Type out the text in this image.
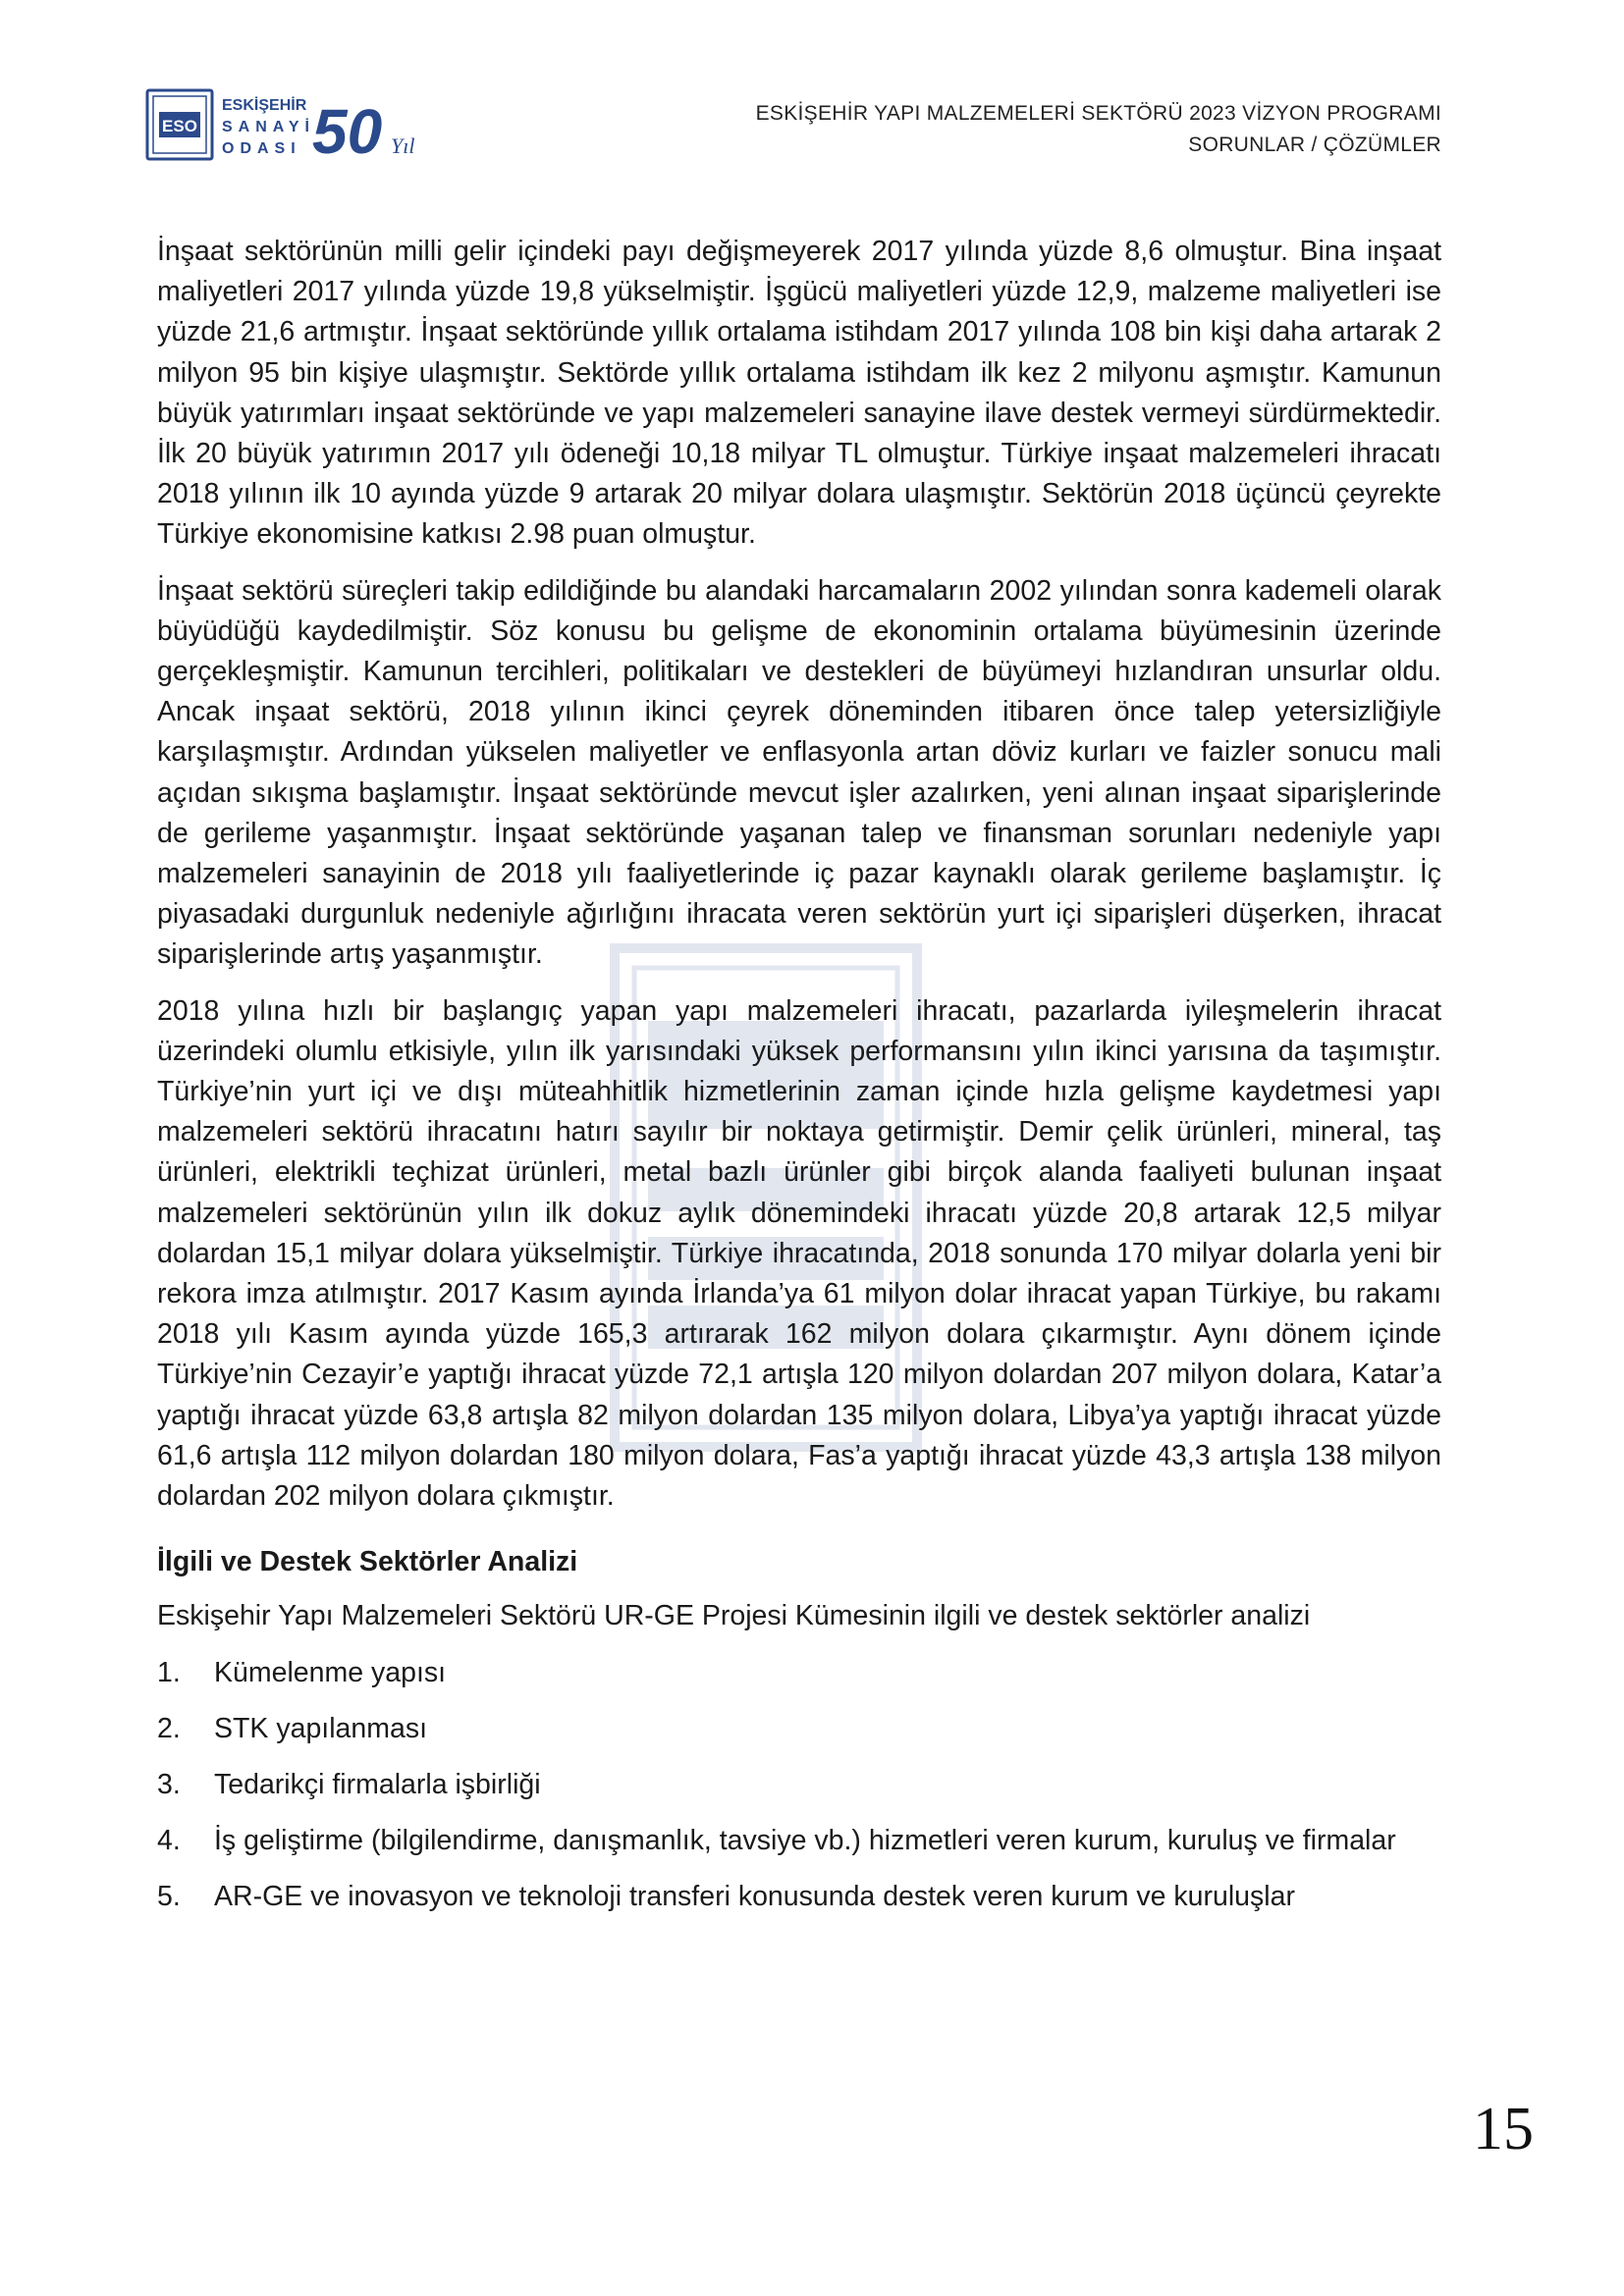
ESO
ESKİŞEHİR
SANAYİ
ODASI 50 Yıl
ESKİŞEHİR YAPI MALZEMELERİ SEKTÖRÜ 2023 VİZYON PROGRAMI
SORUNLAR / ÇÖZÜMLER

İnşaat sektörünün milli gelir içindeki payı değişmeyerek 2017 yılında yüzde 8,6 olmuştur. Bina inşaat maliyetleri 2017 yılında yüzde 19,8 yükselmiştir. İşgücü maliyetleri yüzde 12,9, malzeme maliyetleri ise yüzde 21,6 artmıştır. İnşaat sektöründe yıllık ortalama istihdam 2017 yılında 108 bin kişi daha artarak 2 milyon 95 bin kişiye ulaşmıştır. Sektörde yıllık ortalama istihdam ilk kez 2 milyonu aşmıştır. Kamunun büyük yatırımları inşaat sektöründe ve yapı malzemeleri sanayine ilave destek vermeyi sürdürmektedir. İlk 20 büyük yatırımın 2017 yılı ödeneği 10,18 milyar TL olmuştur. Türkiye inşaat malzemeleri ihracatı 2018 yılının ilk 10 ayında yüzde 9 artarak 20 milyar dolara ulaşmıştır. Sektörün 2018 üçüncü çeyrekte Türkiye ekonomisine katkısı 2.98 puan olmuştur.

İnşaat sektörü süreçleri takip edildiğinde bu alandaki harcamaların 2002 yılından sonra kademeli olarak büyüdüğü kaydedilmiştir. Söz konusu bu gelişme de ekonominin ortalama büyümesinin üzerinde gerçekleşmiştir. Kamunun tercihleri, politikaları ve destekleri de büyümeyi hızlandıran unsurlar oldu. Ancak inşaat sektörü, 2018 yılının ikinci çeyrek döneminden itibaren önce talep yetersizliğiyle karşılaşmıştır. Ardından yükselen maliyetler ve enflasyonla artan döviz kurları ve faizler sonucu mali açıdan sıkışma başlamıştır. İnşaat sektöründe mevcut işler azalırken, yeni alınan inşaat siparişlerinde de gerileme yaşanmıştır. İnşaat sektöründe yaşanan talep ve finansman sorunları nedeniyle yapı malzemeleri sanayinin de 2018 yılı faaliyetlerinde iç pazar kaynaklı olarak gerileme başlamıştır. İç piyasadaki durgunluk nedeniyle ağırlığını ihracata veren sektörün yurt içi siparişleri düşerken, ihracat siparişlerinde artış yaşanmıştır.

2018 yılına hızlı bir başlangıç yapan yapı malzemeleri ihracatı, pazarlarda iyileşmelerin ihracat üzerindeki olumlu etkisiyle, yılın ilk yarısındaki yüksek performansını yılın ikinci yarısına da taşımıştır. Türkiye’nin yurt içi ve dışı müteahhitlik hizmetlerinin zaman içinde hızla gelişme kaydetmesi yapı malzemeleri sektörü ihracatını hatırı sayılır bir noktaya getirmiştir. Demir çelik ürünleri, mineral, taş ürünleri, elektrikli teçhizat ürünleri, metal bazlı ürünler gibi birçok alanda faaliyeti bulunan inşaat malzemeleri sektörünün yılın ilk dokuz aylık dönemindeki ihracatı yüzde 20,8 artarak 12,5 milyar dolardan 15,1 milyar dolara yükselmiştir. Türkiye ihracatında, 2018 sonunda 170 milyar dolarla yeni bir rekora imza atılmıştır. 2017 Kasım ayında İrlanda’ya 61 milyon dolar ihracat yapan Türkiye, bu rakamı 2018 yılı Kasım ayında yüzde 165,3 artırarak 162 milyon dolara çıkarmıştır. Aynı dönem içinde Türkiye’nin Cezayir’e yaptığı ihracat yüzde 72,1 artışla 120 milyon dolardan 207 milyon dolara, Katar’a yaptığı ihracat yüzde 63,8 artışla 82 milyon dolardan 135 milyon dolara, Libya’ya yaptığı ihracat yüzde 61,6 artışla 112 milyon dolardan 180 milyon dolara, Fas’a yaptığı ihracat yüzde 43,3 artışla 138 milyon dolardan 202 milyon dolara çıkmıştır.

İlgili ve Destek Sektörler Analizi

Eskişehir Yapı Malzemeleri Sektörü UR-GE Projesi Kümesinin ilgili ve destek sektörler analizi

1. Kümelenme yapısı
2. STK yapılanması
3. Tedarikçi firmalarla işbirliği
4. İş geliştirme (bilgilendirme, danışmanlık, tavsiye vb.) hizmetleri veren kurum, kuruluş ve firmalar
5. AR-GE ve inovasyon ve teknoloji transferi konusunda destek veren kurum ve kuruluşlar
15
